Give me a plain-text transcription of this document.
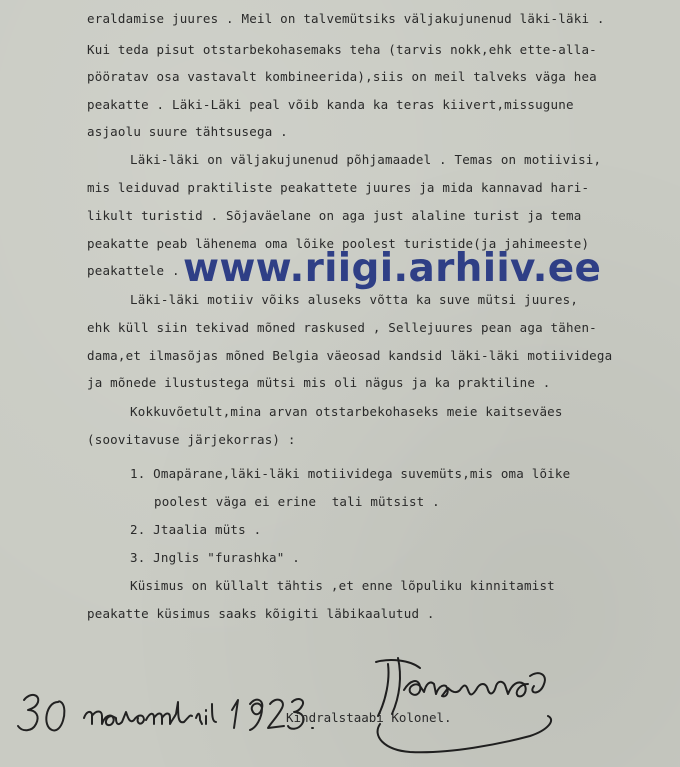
eraldamise juures . Meil on talvemütsiks väljakujunenud läki-läki .
Kui teda pisut otstarbekohasemaks teha (tarvis nokk,ehk ette-alla-
pööratav osa vastavalt kombineerida),siis on meil talveks väga hea
peakatte . Läki-Läki peal võib kanda ka teras kiivert,missugune
asjaolu suure tähtsusega .
Läki-läki on väljakujunenud põhjamaadel . Temas on motiivisi,
mis leiduvad praktiliste peakattete juures ja mida kannavad hari-
likult turistid . Sõjaväelane on aga just alaline turist ja tema
peakatte peab lähenema oma lõike poolest turistide(ja jahimeeste)
peakattele .
Läki-läki motiiv võiks aluseks võtta ka suve mütsi juures,
ehk küll siin tekivad mõned raskused , Sellejuures pean aga tähen-
dama,et ilmasõjas mõned Belgia väeosad kandsid läki-läki motiividega
ja mõnede ilustustega mütsi mis oli nägus ja ka praktiline .
Kokkuvõetult,mina arvan otstarbekohaseks meie kaitseväes
(soovitavuse järjekorras) :
1. Omapärane,läki-läki motiividega suvemüts,mis oma lõike
poolest väga ei erine  tali mütsist .
2. Jtaalia müts .
3. Jnglis "furashka" .
Küsimus on küllalt tähtis ,et enne lõpuliku kinnitamist
peakatte küsimus saaks kõigiti läbikaalutud .
www.riigi.arhiiv.ee
Kindralstaabi Kolonel.
